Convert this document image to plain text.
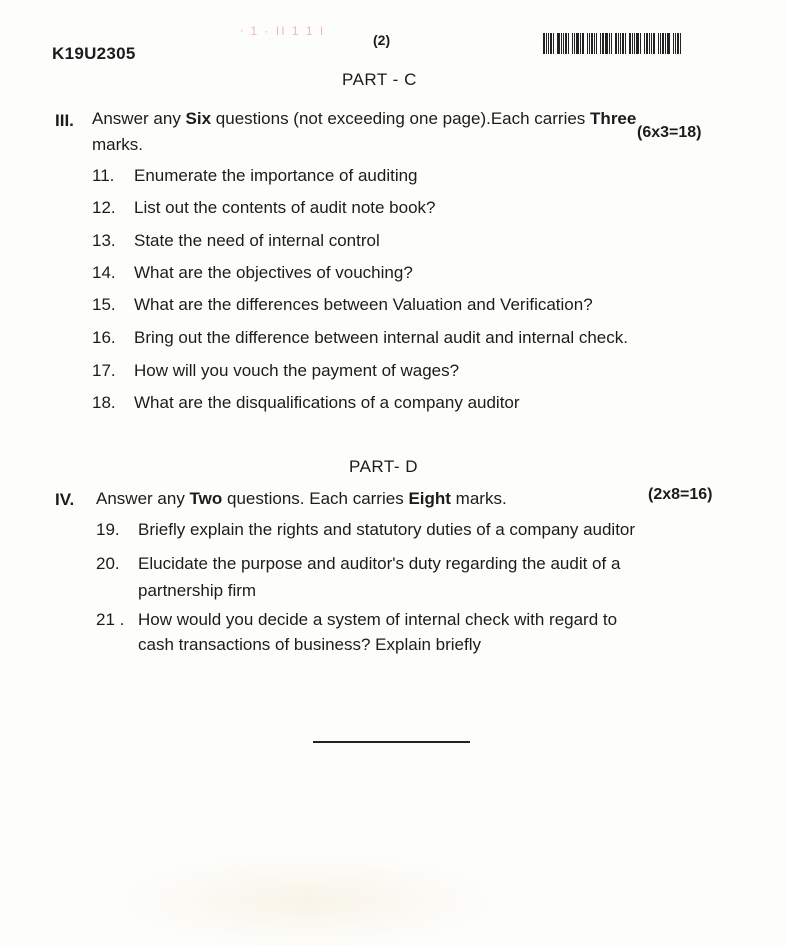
⸱ 1 · ΙΙ 1 1 Ι
K19U2305
(2)
PART - C
III. Answer any Six questions (not exceeding one page).Each carries Three
marks.
(6x3=18)
11. Enumerate the importance of auditing
12. List out the contents of audit note book?
13. State the need of internal control
14. What are the objectives of vouching?
15. What are the differences between Valuation and Verification?
16. Bring out the difference between internal audit and internal check.
17. How will you vouch the payment of wages?
18. What are the disqualifications of a company auditor
PART- D
IV. Answer any Two questions. Each carries Eight marks.	(2x8=16)
19. Briefly explain the rights and statutory duties of a company auditor
20. Elucidate the purpose and auditor's duty regarding the audit of a
partnership firm
21 . How would you decide a system of internal check with regard to
cash transactions of business? Explain briefly
